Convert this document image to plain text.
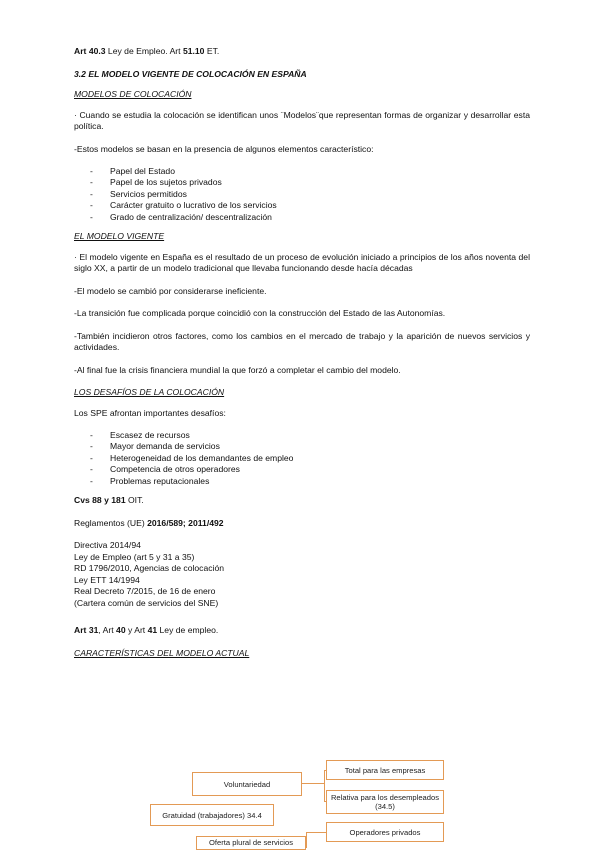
Art 40.3 Ley de Empleo. Art 51.10 ET.

3.2 EL MODELO VIGENTE DE COLOCACIÓN EN ESPAÑA

MODELOS DE COLOCACIÓN

· Cuando se estudia la colocación se identifican unos ¨Modelos¨que representan formas de organizar y desarrollar esta política.

-Estos modelos se basan en la presencia de algunos elementos característico:

- Papel del Estado
- Papel de los sujetos privados
- Servicios permitidos
- Carácter gratuito o lucrativo de los servicios
- Grado de centralización/ descentralización

EL MODELO VIGENTE

· El modelo vigente en España es el resultado de un proceso de evolución iniciado a principios de los años noventa del siglo XX, a partir de un modelo tradicional que llevaba funcionando desde hacía décadas

-El modelo se cambió por considerarse ineficiente.

-La transición fue complicada porque coincidió con la construcción del Estado de las Autonomías.

-También incidieron otros factores, como los cambios en el mercado de trabajo y la aparición de nuevos servicios y actividades.

-Al final fue la crisis financiera mundial la que forzó a completar el cambio del modelo.

LOS DESAFÍOS DE LA COLOCACIÓN

Los SPE afrontan importantes desafíos:

- Escasez de recursos
- Mayor demanda de servicios
- Heterogeneidad de los demandantes de empleo
- Competencia de otros operadores
- Problemas reputacionales

Cvs 88 y 181 OIT.

Reglamentos (UE) 2016/589; 2011/492

Directiva 2014/94
Ley de Empleo (art 5 y 31 a 35)
RD 1796/2010, Agencias de colocación
Ley ETT 14/1994
Real Decreto 7/2015, de 16 de enero
(Cartera común de servicios del SNE)

Art 31, Art 40 y Art 41 Ley de empleo.

CARACTERÍSTICAS DEL MODELO ACTUAL

Voluntariedad
Total para las empresas
Relativa para los desempleados (34.5)
Gratuidad (trabajadores) 34.4
Operadores privados
Oferta plural de servicios
